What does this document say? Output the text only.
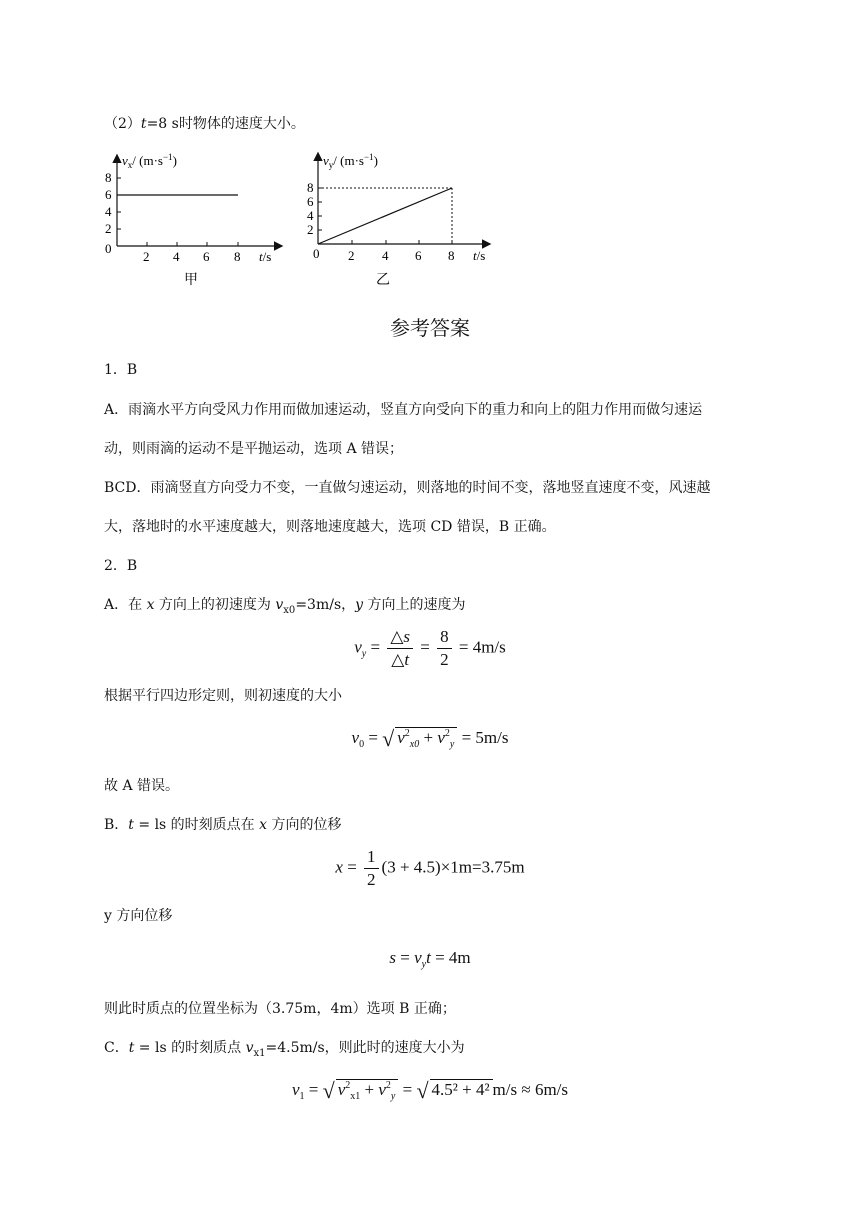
（2）t=8 s时物体的速度大小。
$v_x/$ $(m\cdot s^{-1})$
8
6
4
2
0
2 4 6 8 t/s
甲
$v_y/$ $(m\cdot s^{-1})$
8
6
4
2
0 2 4 6 8 t/s
乙
参考答案
1．B
A．雨滴水平方向受风力作用而做加速运动，竖直方向受向下的重力和向上的阻力作用而做匀速运
动，则雨滴的运动不是平抛运动，选项 A 错误；
BCD．雨滴竖直方向受力不变，一直做匀速运动，则落地的时间不变，落地竖直速度不变，风速越
大，落地时的水平速度越大，则落地速度越大，选项 CD 错误，B 正确。
2．B
A．在 x 方向上的初速度为 $v_{x0}=3m/s$，y 方向上的速度为
$v_y = \frac{\triangle s}{\triangle t} = \frac{8}{2} = 4m/s$
根据平行四边形定则，则初速度的大小
$v_0$ = √ $v^2_{x0} + v^2_y = 5m/s$
故 A 错误。
B．t = ls 的时刻质点在 x 方向的位移
$x = \frac{1}{2} (3 + 4.5)\times 1m=3.75m$
y 方向位移
$s = v_yt = 4m$
则此时质点的位置坐标为（3.75m，4m）选项 B 正确；
C．t = ls 的时刻质点 $v_{x1}=4.5m/s$，则此时的速度大小为
$v_1$ = √ $v^2_{x1} + v^2_y$ = √ 4.5² + 4² m/s ≈ 6m/s
